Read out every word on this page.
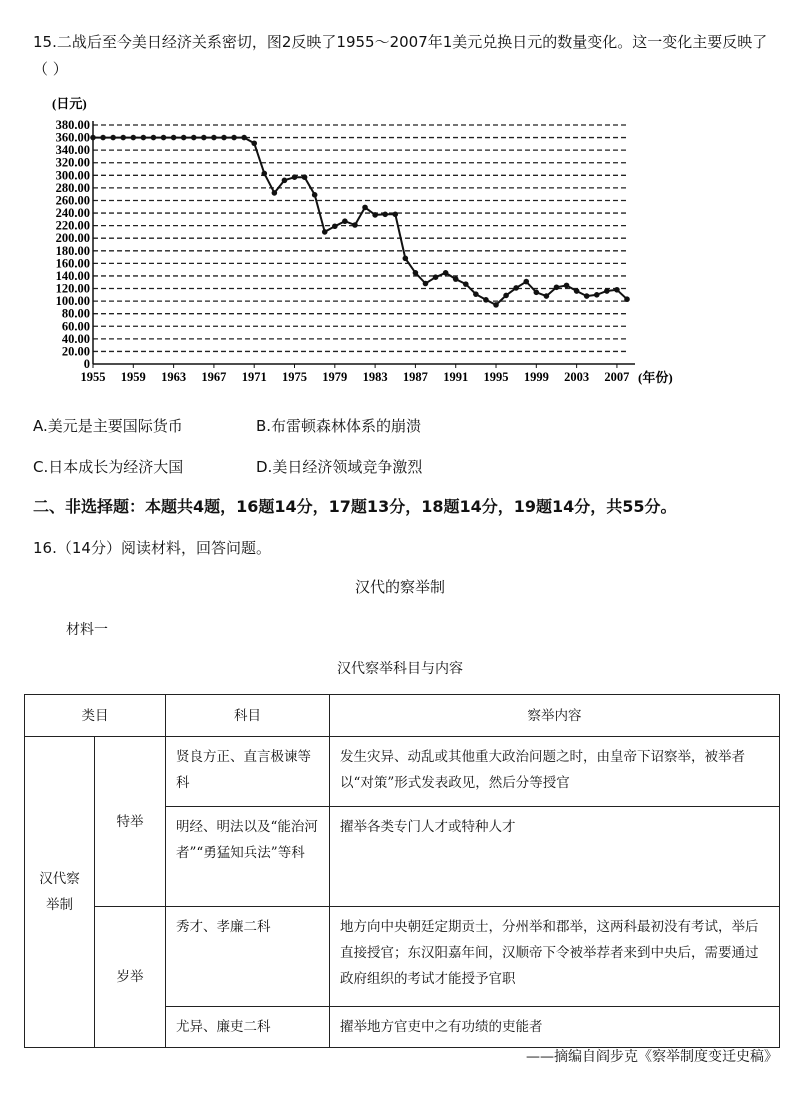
15.二战后至今美日经济关系密切，图2反映了1955～2007年1美元兑换日元的数量变化。这一变化主要反映了（ ）
0
20.00
40.00
60.00
80.00
100.00
120.00
140.00
160.00
180.00
200.00
220.00
240.00
260.00
280.00
300.00
320.00
340.00
360.00
380.00
1955 1959 1963 1967 1971 1975 1979 1983 1987 1991 1995 1999 2003 2007
(日元)
(年份)
A.美元是主要国际货币	B.布雷顿森林体系的崩溃
C.日本成长为经济大国	D.美日经济领域竞争激烈
二、非选择题：本题共4题，16题14分，17题13分，18题14分，19题14分，共55分。
16.（14分）阅读材料，回答问题。
汉代的察举制
材料一
汉代察举科目与内容
类目		科目	察举内容
汉代察举制	特举	贤良方正、直言极谏等科	发生灾异、动乱或其他重大政治问题之时，由皇帝下诏察举，被举者以“对策”形式发表政见，然后分等授官
		明经、明法以及“能治河者”“勇猛知兵法”等科	擢举各类专门人才或特种人才
	岁举	秀才、孝廉二科	地方向中央朝廷定期贡士，分州举和郡举，这两科最初没有考试，举后直接授官；东汉阳嘉年间，汉顺帝下令被举荐者来到中央后，需要通过政府组织的考试才能授予官职
		尤异、廉吏二科	擢举地方官吏中之有功绩的吏能者
——摘编自阎步克《察举制度变迁史稿》
